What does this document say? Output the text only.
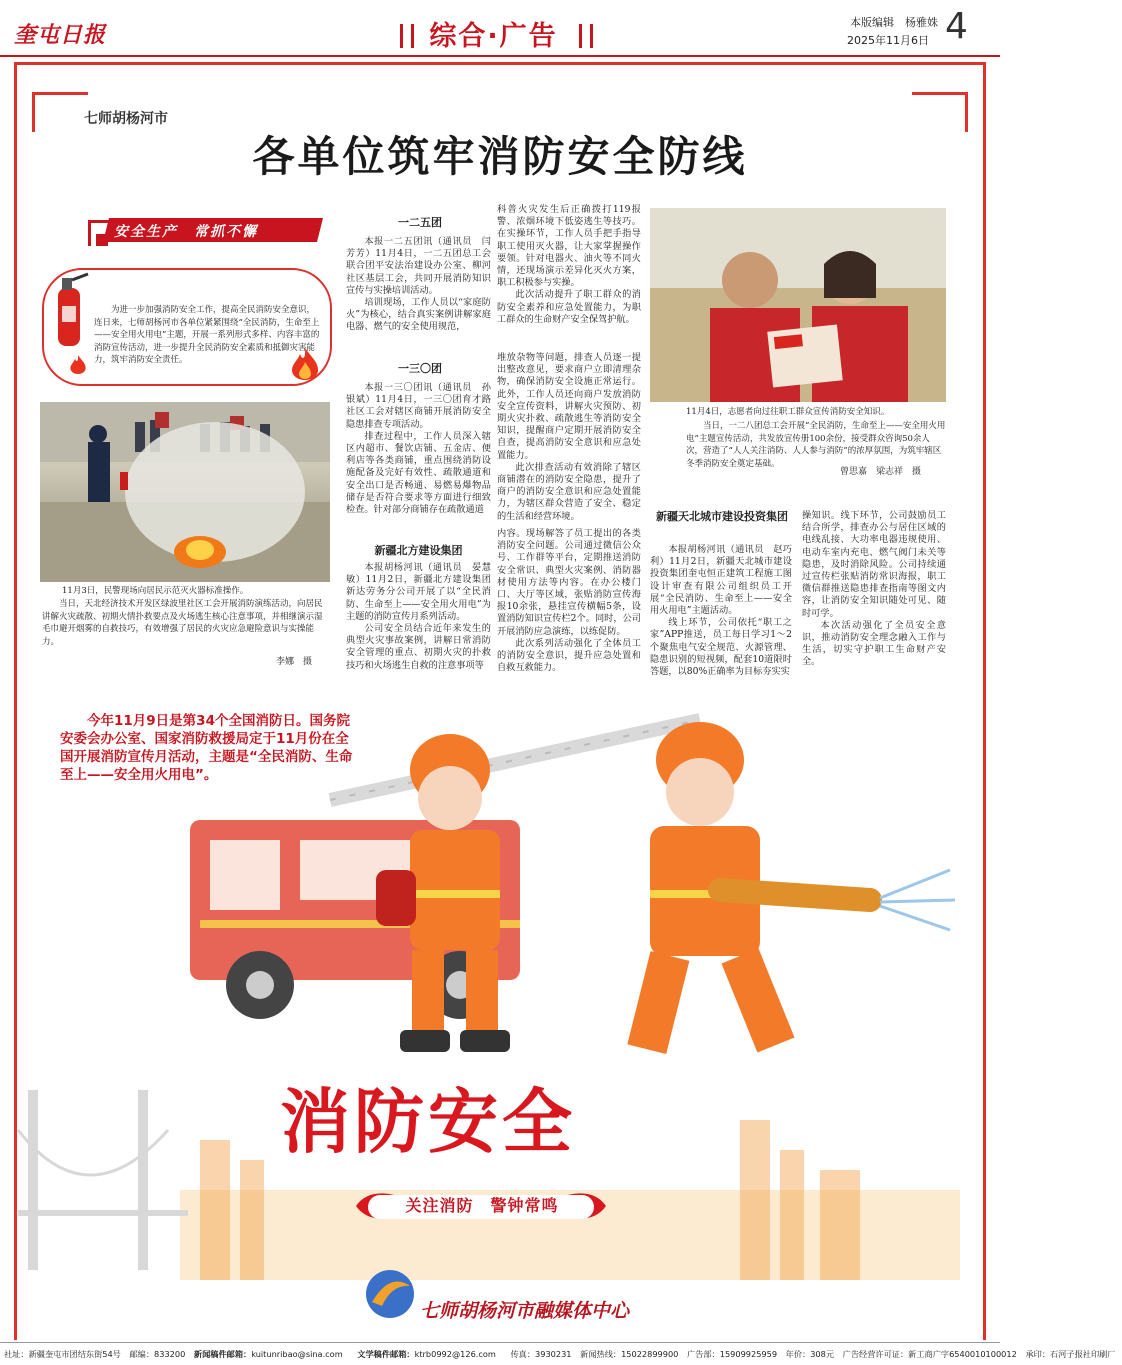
奎屯日报	综合·广告	本版编辑　杨雅姝
2025年11月6日 4
七师胡杨河市
各单位筑牢消防安全防线
安全生产　常抓不懈
为进一步加强消防安全工作，提高全民消防安全意识，连日来，七师胡杨河市各单位紧紧围绕“全民消防，生命至上——安全用火用电”主题，开展一系列形式多样、内容丰富的消防宣传活动，进一步提升全民消防安全素质和抵御灾害能力，筑牢消防安全责任。
11月3日，民警现场向居民示范灭火器标准操作。
当日，天北经济技术开发区绿波里社区工会开展消防演练活动，向居民讲解火灾疏散、初期火情扑救要点及火场逃生核心注意事项，并相继演示湿毛巾避开烟雾的自救技巧，有效增强了居民的火灾应急避险意识与实操能力。
李娜　摄
一二五团

本报一二五团讯（通讯员　闫芳芳）11月4日，一二五团总工会联合团平安法治建设办公室、柳河社区基层工会，共同开展消防知识宣传与实操培训活动。

培训现场，工作人员以“家庭防火”为核心，结合真实案例讲解家庭电器、燃气的安全使用规范，

科普火灾发生后正确拨打119报警、浓烟环境下低姿逃生等技巧。在实操环节，工作人员手把手指导职工使用灭火器，让大家掌握操作要领。针对电器火、油火等不同火情，还现场演示差异化灭火方案，职工积极参与实操。

此次活动提升了职工群众的消防安全素养和应急处置能力，为职工群众的生命财产安全保驾护航。

一三〇团

本报一三〇团讯（通讯员　孙银斌）11月4日，一三〇团育才路社区工会对辖区商铺开展消防安全隐患排查专项活动。

排查过程中，工作人员深入辖区内超市、餐饮店铺、五金店、便利店等各类商铺，重点围绕消防设施配备及完好有效性、疏散通道和安全出口是否畅通、易燃易爆物品储存是否符合要求等方面进行细致检查。针对部分商铺存在疏散通道

堆放杂物等问题，排查人员逐一提出整改意见，要求商户立即清理杂物，确保消防安全设施正常运行。此外，工作人员还向商户发放消防安全宣传资料，讲解火灾预防、初期火灾扑救、疏散逃生等消防安全知识，提醒商户定期开展消防安全自查，提高消防安全意识和应急处置能力。

此次排查活动有效消除了辖区商铺潜在的消防安全隐患，提升了商户的消防安全意识和应急处置能力，为辖区群众营造了安全、稳定的生活和经营环境。

新疆北方建设集团

本报胡杨河讯（通讯员　晏慧敏）11月2日，新疆北方建设集团新达劳务分公司开展了以“全民消防、生命至上——安全用火用电”为主题的消防宣传月系列活动。

公司安全员结合近年来发生的典型火灾事故案例，讲解日常消防安全管理的重点、初期火灾的扑救技巧和火场逃生自救的注意事项等

内容。现场解答了员工提出的各类消防安全问题。公司通过微信公众号、工作群等平台，定期推送消防安全常识、典型火灾案例、消防器材使用方法等内容。在办公楼门口、大厅等区域，张贴消防宣传海报10余张，悬挂宣传横幅5条，设置消防知识宣传栏2个。同时，公司开展消防应急演练，以练促防。

此次系列活动强化了全体员工的消防安全意识，提升应急处置和自救互救能力。

11月4日，志愿者向过往职工群众宣传消防安全知识。
当日，一二八团总工会开展“全民消防，生命至上——安全用火用电”主题宣传活动，共发放宣传册100余份，接受群众咨询50余人次，营造了“人人关注消防、人人参与消防”的浓厚氛围，为筑牢辖区冬季消防安全奠定基础。
曾思嘉　梁志祥　摄
新疆天北城市建设投资集团

本报胡杨河讯（通讯员　赵巧利）11月2日，新疆天北城市建设投资集团奎屯恒正建筑工程施工图设计审查有限公司组织员工开展“全民消防、生命至上——安全用火用电”主题活动。

线上环节，公司依托“职工之家”APP推送，员工每日学习1～2个聚焦电气安全规范、火源管理、隐患识别的短视频，配套10道限时答题，以80%正确率为目标夯实实

操知识。线下环节，公司鼓励员工结合所学，排查办公与居住区域的电线乱接、大功率电器违规使用、电动车室内充电、燃气阀门未关等隐患，及时消除风险。公司持续通过宣传栏张贴消防常识海报，职工微信群推送隐患排查指南等图文内容，让消防安全知识随处可见、随时可学。

本次活动强化了全员安全意识，推动消防安全理念融入工作与生活，切实守护职工生命财产安全。

今年11月9日是第34个全国消防日。国务院安委会办公室、国家消防救援局定于11月份在全国开展消防宣传月活动，主题是“全民消防、生命至上——安全用火用电”。
消防安全
关注消防　警钟常鸣
七师胡杨河市融媒体中心
社址：新疆奎屯市团结东街54号 邮编：833200 新闻稿件邮箱：kuitunribao@sina.com 文学稿件邮箱：ktrb0992@126.com 传真：3930231 新闻热线：15022899900 广告部：15909925959 年价：308元 广告经营许可证：新工商广字6540010100012 承印：石河子报社印刷厂
